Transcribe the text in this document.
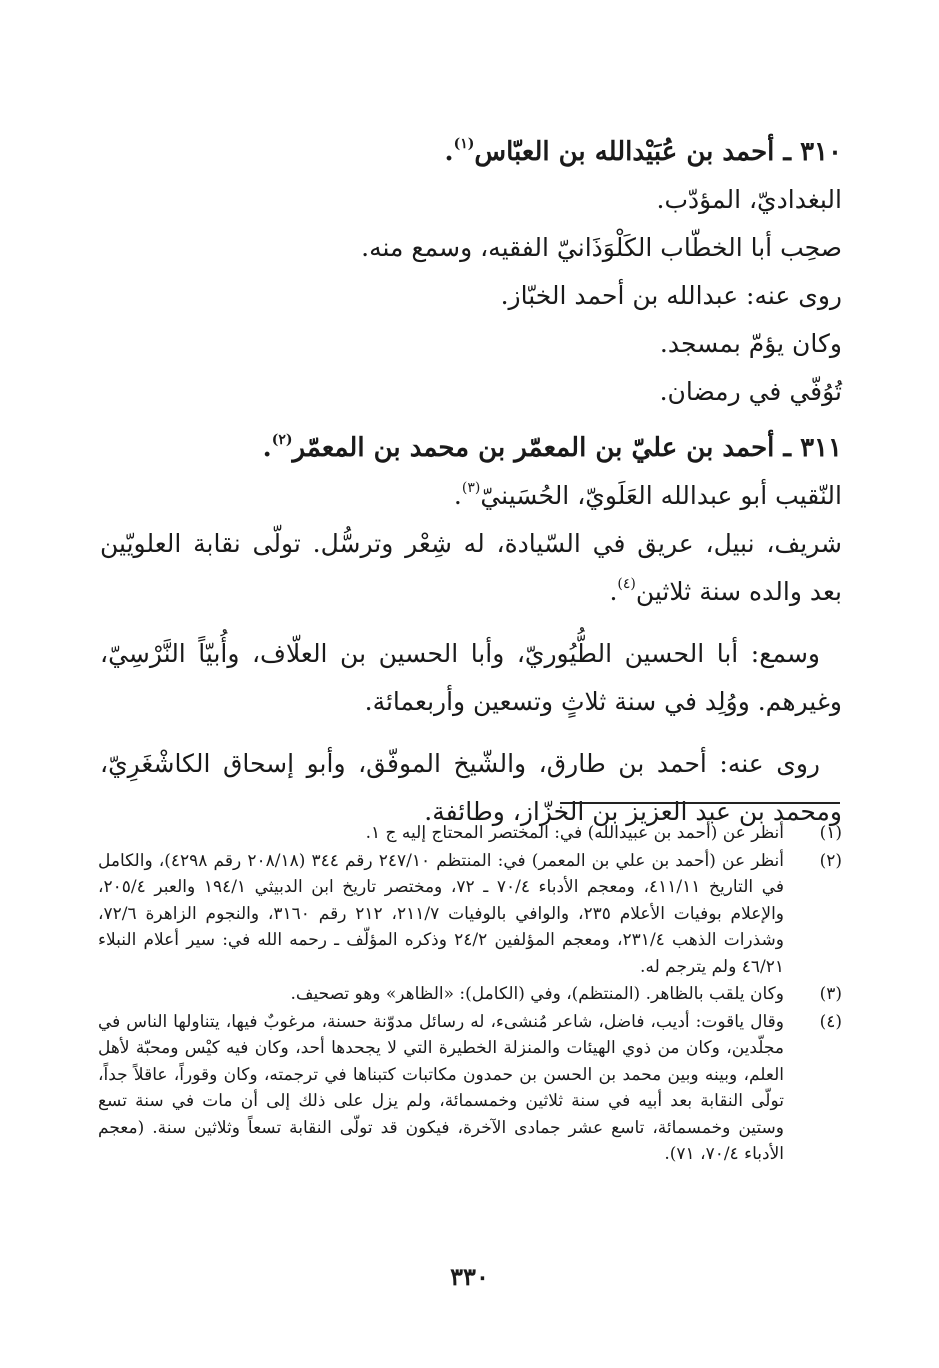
٣١٠ ـ أحمد بن عُبَيْدالله بن العبّاس$^{(١)}$.

البغداديّ، المؤدّب.

صحِب أبا الخطّاب الكَلْوَذَانيّ الفقيه، وسمع منه.

روى عنه: عبدالله بن أحمد الخبّاز.

وكان يؤمّ بمسجد.

تُوُفّي في رمضان.

٣١١ ـ أحمد بن عليّ بن المعمّر بن محمد بن المعمّر$^{(٢)}$.

النّقيب أبو عبدالله العَلَويّ، الحُسَينيّ$^{(٣)}$.

شريف، نبيل، عريق في السّيادة، له شِعْر وترسُّل. تولّى نقابة العلويّين بعد والده سنة ثلاثين$^{(٤)}$.

وسمع: أبا الحسين الطُّيُوريّ، وأبا الحسين بن العلّاف، وأُبيّاً النَّرْسِيّ، وغيرهم. ووُلِد في سنة ثلاثٍ وتسعين وأربعمائة.

روى عنه: أحمد بن طارق، والشّيخ الموفّق، وأبو إسحاق الكاشْغَرِيّ، ومحمد بن عبد العزيز بن الخزّاز، وطائفة.

(١)
أنظر عن (أحمد بن عبيدالله) في: المختصر المحتاج إليه ج ١.
(٢)
أنظر عن (أحمد بن علي بن المعمر) في: المنتظم ٢٤٧/١٠ رقم ٣٤٤ (٢٠٨/١٨ رقم ٤٢٩٨)، والكامل في التاريخ ٤١١/١١، ومعجم الأدباء ٧٠/٤ ـ ٧٢، ومختصر تاريخ ابن الدبيثي ١٩٤/١ والعبر ٢٠٥/٤، والإعلام بوفيات الأعلام ٢٣٥، والوافي بالوفيات ٢١١/٧، ٢١٢ رقم ٣١٦٠، والنجوم الزاهرة ٧٢/٦، وشذرات الذهب ٢٣١/٤، ومعجم المؤلفين ٢٤/٢ وذكره المؤلّف ـ رحمه الله في: سير أعلام النبلاء ٤٦/٢١ ولم يترجم له.
(٣)
وكان يلقب بالظاهر. (المنتظم)، وفي (الكامل): «الظاهر» وهو تصحيف.
(٤)
وقال ياقوت: أديب، فاضل، شاعر مُنشىء، له رسائل مدوّنة حسنة، مرغوبٌ فيها، يتناولها الناس في مجلّدين، وكان من ذوي الهيئات والمنزلة الخطيرة التي لا يجحدها أحد، وكان فيه كيْس ومحبّة لأهل العلم، وبينه وبين محمد بن الحسن بن حمدون مكاتبات كتبناها في ترجمته، وكان وقوراً، عاقلاً جداً، تولّى النقابة بعد أبيه في سنة ثلاثين وخمسمائة، ولم يزل على ذلك إلى أن مات في سنة تسع وستين وخمسمائة، تاسع عشر جمادى الآخرة، فيكون قد تولّى النقابة تسعاً وثلاثين سنة. (معجم الأدباء ٧٠/٤، ٧١).
٣٣٠
